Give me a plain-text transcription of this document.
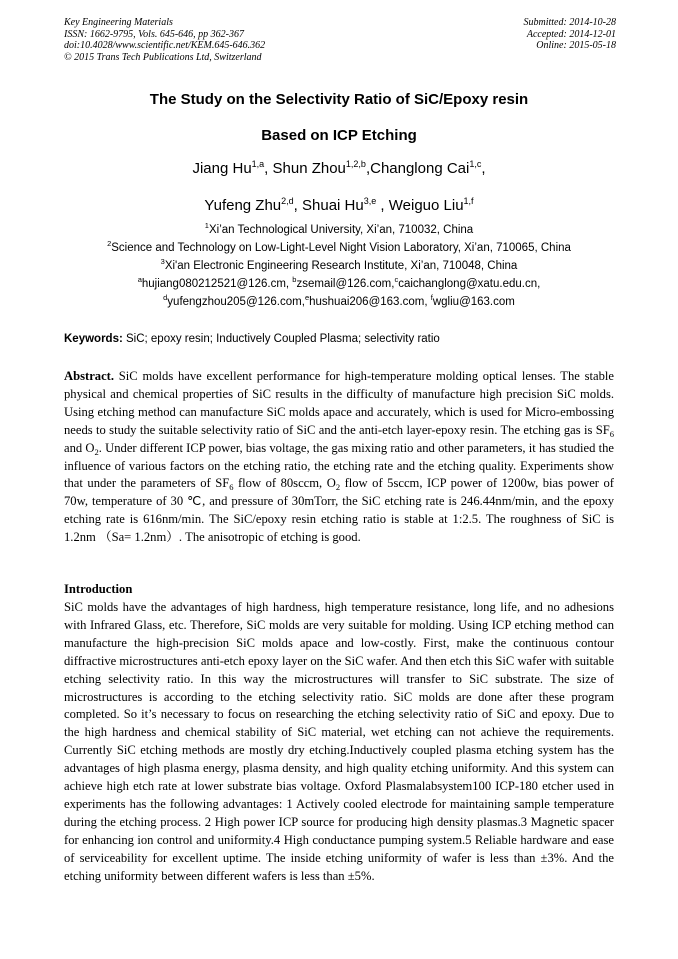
Key Engineering Materials
ISSN: 1662-9795, Vols. 645-646, pp 362-367
doi:10.4028/www.scientific.net/KEM.645-646.362
© 2015 Trans Tech Publications Ltd, Switzerland
Submitted: 2014-10-28
Accepted: 2014-12-01
Online: 2015-05-18
The Study on the Selectivity Ratio of SiC/Epoxy resin
Based on ICP Etching
Jiang Hu$^{1,a}$, Shun Zhou$^{1,2,b}$,Changlong Cai$^{1,c}$,
Yufeng Zhu$^{2,d}$, Shuai Hu$^{3,e}$ , Weiguo Liu$^{1,f}$
$^1$Xi’an Technological University, Xi’an, 710032, China
$^2$Science and Technology on Low-Light-Level Night Vision Laboratory, Xi’an, 710065, China
$^3$Xi'an Electronic Engineering Research Institute, Xi’an, 710048, China
$^a$hujiang080212521@126.cm, $^b$zsemail@126.com,$^c$caichanglong@xatu.edu.cn,
$^d$yufengzhou205@126.com,$^e$hushuai206@163.com, $^f$wgliu@163.com
Keywords: SiC; epoxy resin; Inductively Coupled Plasma; selectivity ratio
Abstract. SiC molds have excellent performance for high-temperature molding optical lenses. The stable physical and chemical properties of SiC results in the difficulty of manufacture high precision SiC molds. Using etching method can manufacture SiC molds apace and accurately, which is used for Micro-embossing needs to study the suitable selectivity ratio of SiC and the anti-etch layer-epoxy resin. The etching gas is $SF_6$ and $O_2$. Under different ICP power, bias voltage, the gas mixing ratio and other parameters, it has studied the influence of various factors on the etching ratio, the etching rate and the etching quality. Experiments show that under the parameters of $SF_6$ flow of 80sccm, $O_2$ flow of 5sccm, ICP power of 1200w, bias power of 70w, temperature of 30 ℃, and pressure of 30mTorr, the SiC etching rate is 246.44nm/min, and the epoxy etching rate is 616nm/min. The SiC/epoxy resin etching ratio is stable at 1:2.5. The roughness of SiC is 1.2nm （Sa= 1.2nm）. The anisotropic of etching is good.
Introduction
SiC molds have the advantages of high hardness, high temperature resistance, long life, and no adhesions with Infrared Glass, etc. Therefore, SiC molds are very suitable for molding. Using ICP etching method can manufacture the high-precision SiC molds apace and low-costly. First, make the continuous contour diffractive microstructures anti-etch epoxy layer on the SiC wafer. And then etch this SiC wafer with suitable etching selectivity ratio. In this way the microstructures will transfer to SiC substrate. The size of microstructures is according to the etching selectivity ratio. SiC molds are done after these program completed. So it’s necessary to focus on researching the etching selectivity ratio of SiC and epoxy. Due to the high hardness and chemical stability of SiC material, wet etching can not achieve the requirements. Currently SiC etching methods are mostly dry etching.Inductively coupled plasma etching system has the advantages of high plasma energy, plasma density, and high quality etching uniformity. And this system can achieve high etch rate at lower substrate bias voltage. Oxford Plasmalabsystem100 ICP-180 etcher used in experiments has the following advantages: 1 Actively cooled electrode for maintaining sample temperature during the etching process. 2 High power ICP source for producing high density plasmas.3 Magnetic spacer for enhancing ion control and uniformity.4 High conductance pumping system.5 Reliable hardware and ease of serviceability for excellent uptime. The inside etching uniformity of wafer is less than ±3%. And the etching uniformity between different wafers is less than ±5%.
